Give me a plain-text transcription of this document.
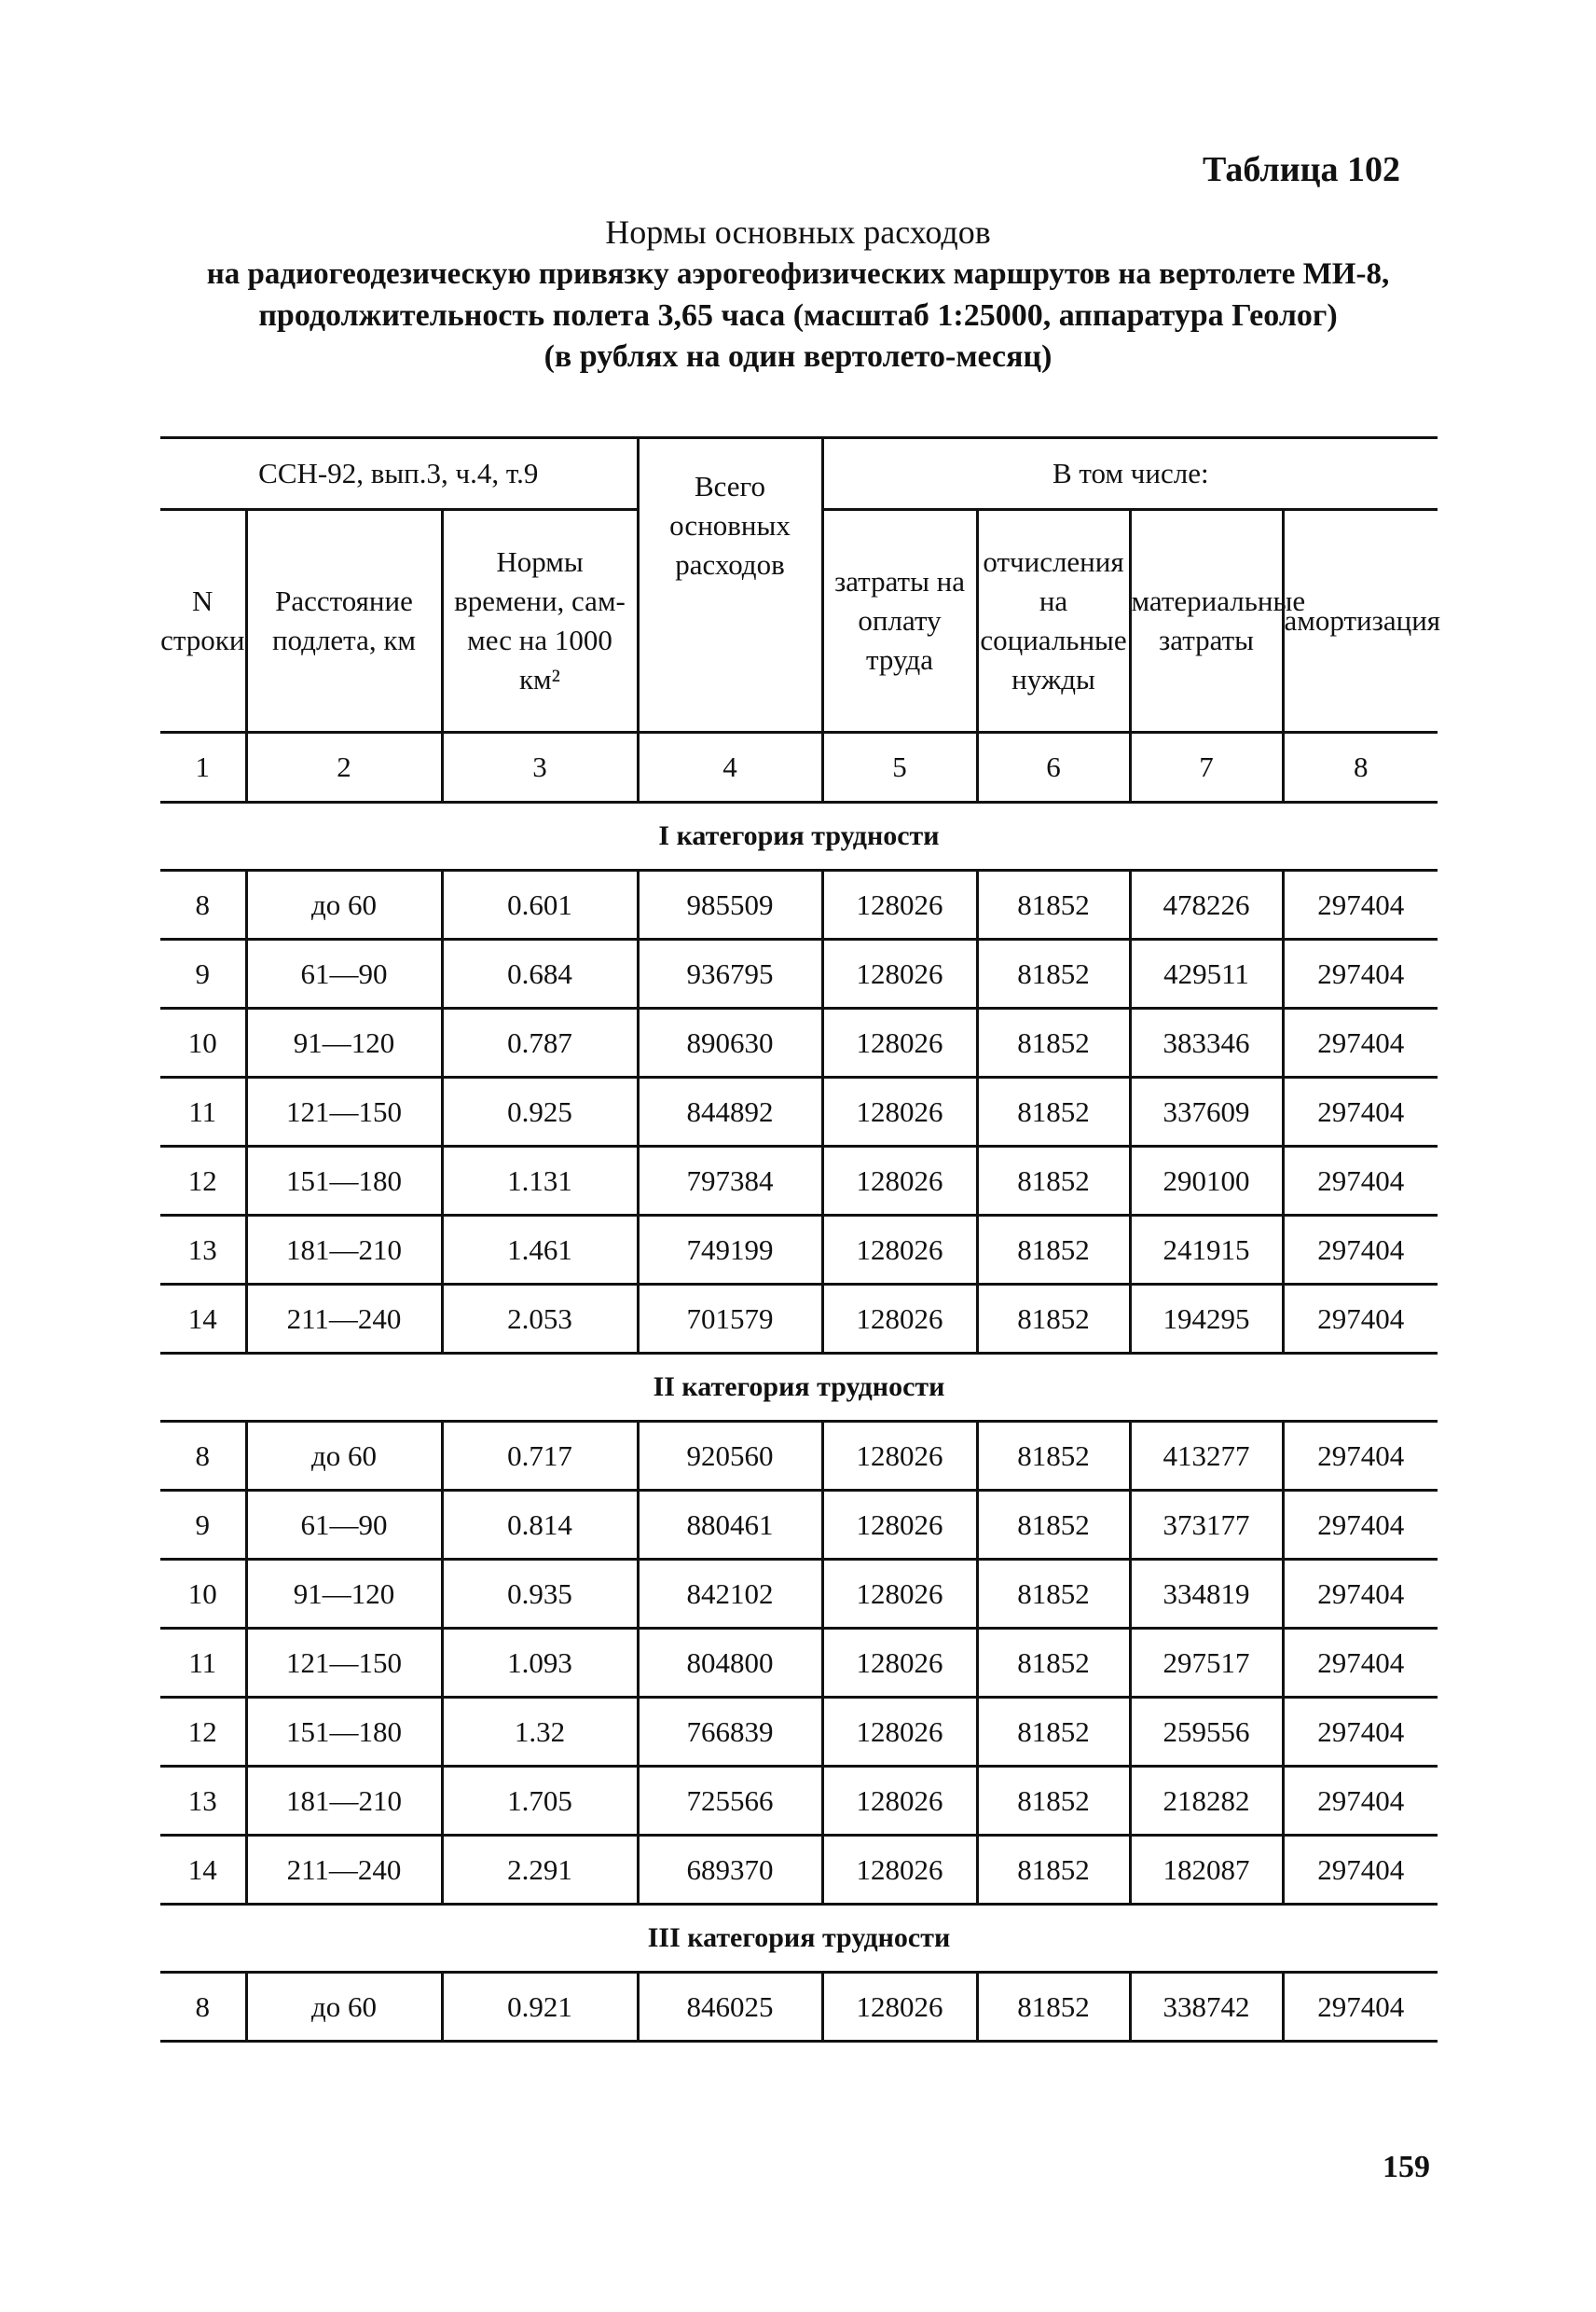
Таблица 102
Нормы основных расходов
на радиогеодезическую привязку аэрогеофизических маршрутов на вертолете МИ-8,
продолжительность полета 3,65 часа (масштаб 1:25000, аппаратура Геолог)
(в рублях на один вертолето-месяц)
ССН-92, вып.3, ч.4, т.9			Всего основных расходов	В том числе:			
N строки	Расстояние подлета, км	Нормы времени, сам-мес на 1000 км²		затраты на оплату труда	отчисления на социальные нужды	материальные затраты	амортизация
1	2	3	4	5	6	7	8
I категория трудности							
8	до 60	0.601	985509	128026	81852	478226	297404
9	61—90	0.684	936795	128026	81852	429511	297404
10	91—120	0.787	890630	128026	81852	383346	297404
11	121—150	0.925	844892	128026	81852	337609	297404
12	151—180	1.131	797384	128026	81852	290100	297404
13	181—210	1.461	749199	128026	81852	241915	297404
14	211—240	2.053	701579	128026	81852	194295	297404
II категория трудности							
8	до 60	0.717	920560	128026	81852	413277	297404
9	61—90	0.814	880461	128026	81852	373177	297404
10	91—120	0.935	842102	128026	81852	334819	297404
11	121—150	1.093	804800	128026	81852	297517	297404
12	151—180	1.32	766839	128026	81852	259556	297404
13	181—210	1.705	725566	128026	81852	218282	297404
14	211—240	2.291	689370	128026	81852	182087	297404
III категория трудности							
8	до 60	0.921	846025	128026	81852	338742	297404
159
